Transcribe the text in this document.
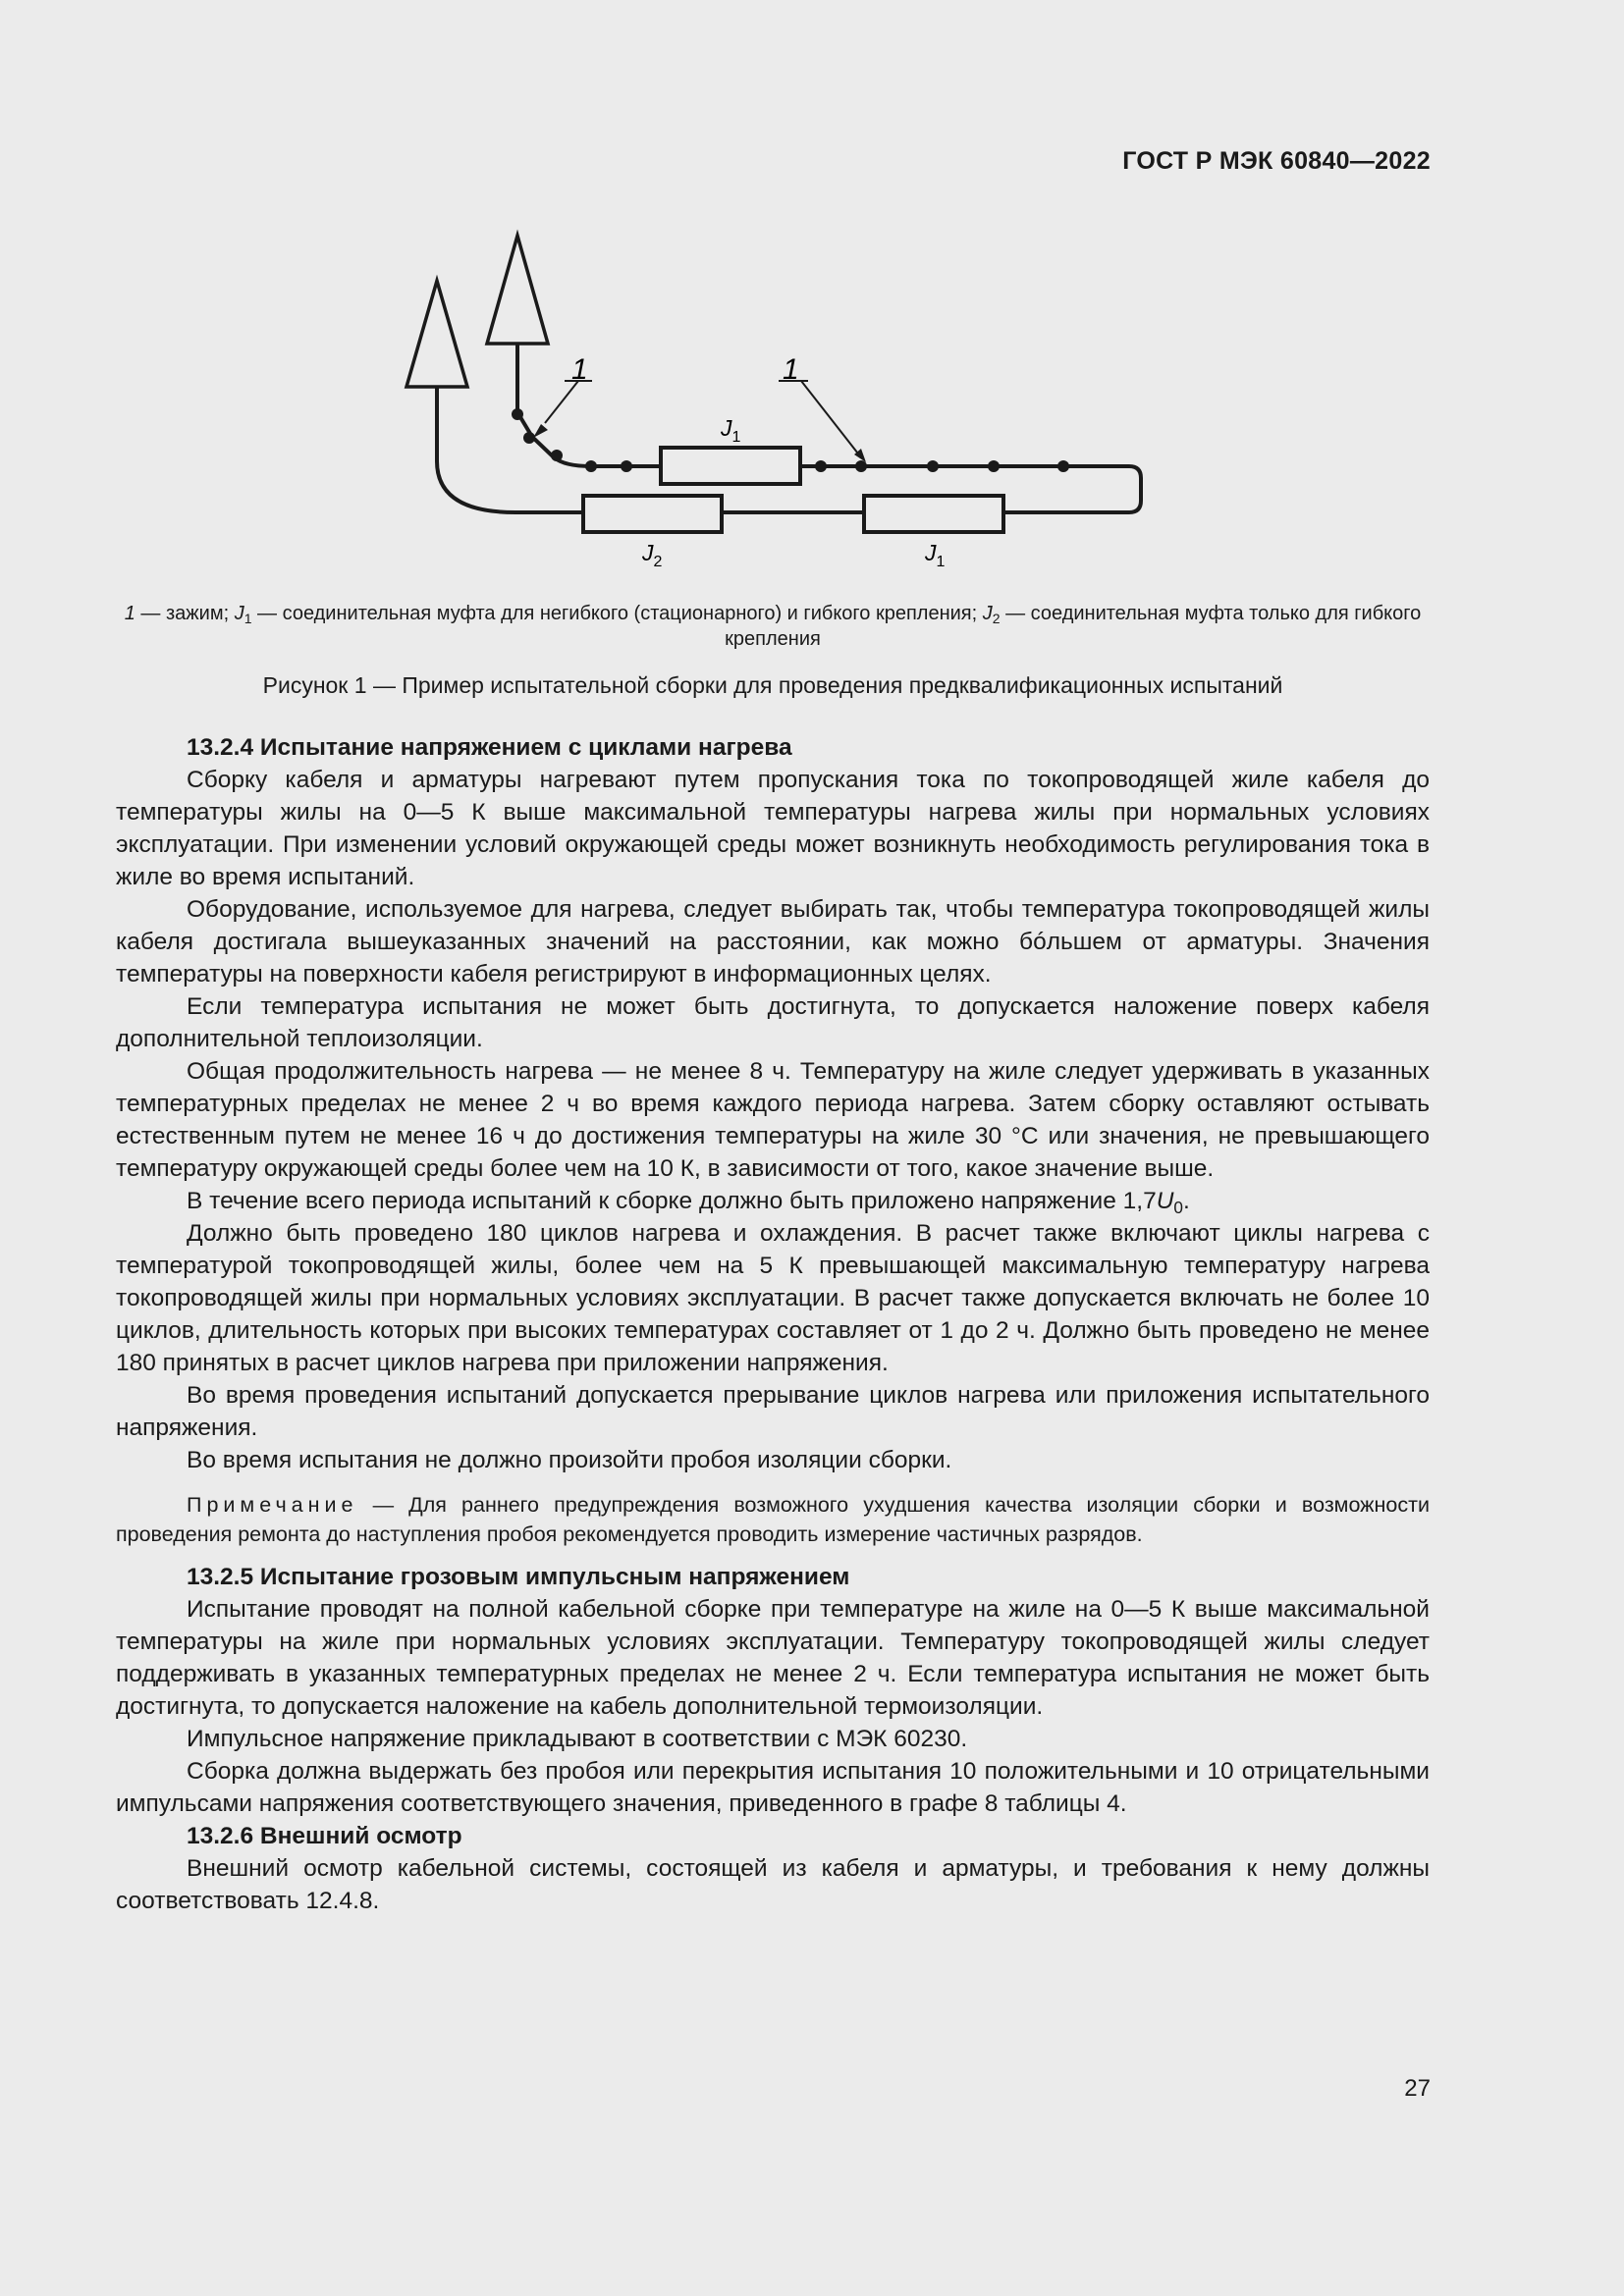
ГОСТ Р МЭК 60840—2022
1	1
$J_1$
$J_2$	$J_1$
1 — зажим; $J_1$ — соединительная муфта для негибкого (стационарного) и гибкого крепления; $J_2$ — соединительная муфта только для гибкого крепления
Рисунок 1 — Пример испытательной сборки для проведения предквалификационных испытаний
13.2.4 Испытание напряжением с циклами нагрева

Сборку кабеля и арматуры нагревают путем пропускания тока по токопроводящей жиле кабеля до температуры жилы на 0—5 К выше максимальной температуры нагрева жилы при нормальных условиях эксплуатации. При изменении условий окружающей среды может возникнуть необходимость регулирования тока в жиле во время испытаний.

Оборудование, используемое для нагрева, следует выбирать так, чтобы температура токопроводящей жилы кабеля достигала вышеуказанных значений на расстоянии, как можно бóльшем от арматуры. Значения температуры на поверхности кабеля регистрируют в информационных целях.

Если температура испытания не может быть достигнута, то допускается наложение поверх кабеля дополнительной теплоизоляции.

Общая продолжительность нагрева — не менее 8 ч. Температуру на жиле следует удерживать в указанных температурных пределах не менее 2 ч во время каждого периода нагрева. Затем сборку оставляют остывать естественным путем не менее 16 ч до достижения температуры на жиле 30 °С или значения, не превышающего температуру окружающей среды более чем на 10 К, в зависимости от того, какое значение выше.

В течение всего периода испытаний к сборке должно быть приложено напряжение $1,7U_0$.

Должно быть проведено 180 циклов нагрева и охлаждения. В расчет также включают циклы нагрева с температурой токопроводящей жилы, более чем на 5 К превышающей максимальную температуру нагрева токопроводящей жилы при нормальных условиях эксплуатации. В расчет также допускается включать не более 10 циклов, длительность которых при высоких температурах составляет от 1 до 2 ч. Должно быть проведено не менее 180 принятых в расчет циклов нагрева при приложении напряжения.

Во время проведения испытаний допускается прерывание циклов нагрева или приложения испытательного напряжения.

Во время испытания не должно произойти пробоя изоляции сборки.

Примечание — Для раннего предупреждения возможного ухудшения качества изоляции сборки и возможности проведения ремонта до наступления пробоя рекомендуется проводить измерение частичных разрядов.

13.2.5 Испытание грозовым импульсным напряжением

Испытание проводят на полной кабельной сборке при температуре на жиле на 0—5 К выше максимальной температуры на жиле при нормальных условиях эксплуатации. Температуру токопроводящей жилы следует поддерживать в указанных температурных пределах не менее 2 ч. Если температура испытания не может быть достигнута, то допускается наложение на кабель дополнительной термоизоляции.

Импульсное напряжение прикладывают в соответствии с МЭК 60230.

Сборка должна выдержать без пробоя или перекрытия испытания 10 положительными и 10 отрицательными импульсами напряжения соответствующего значения, приведенного в графе 8 таблицы 4.

13.2.6 Внешний осмотр

Внешний осмотр кабельной системы, состоящей из кабеля и арматуры, и требования к нему должны соответствовать 12.4.8.

27
